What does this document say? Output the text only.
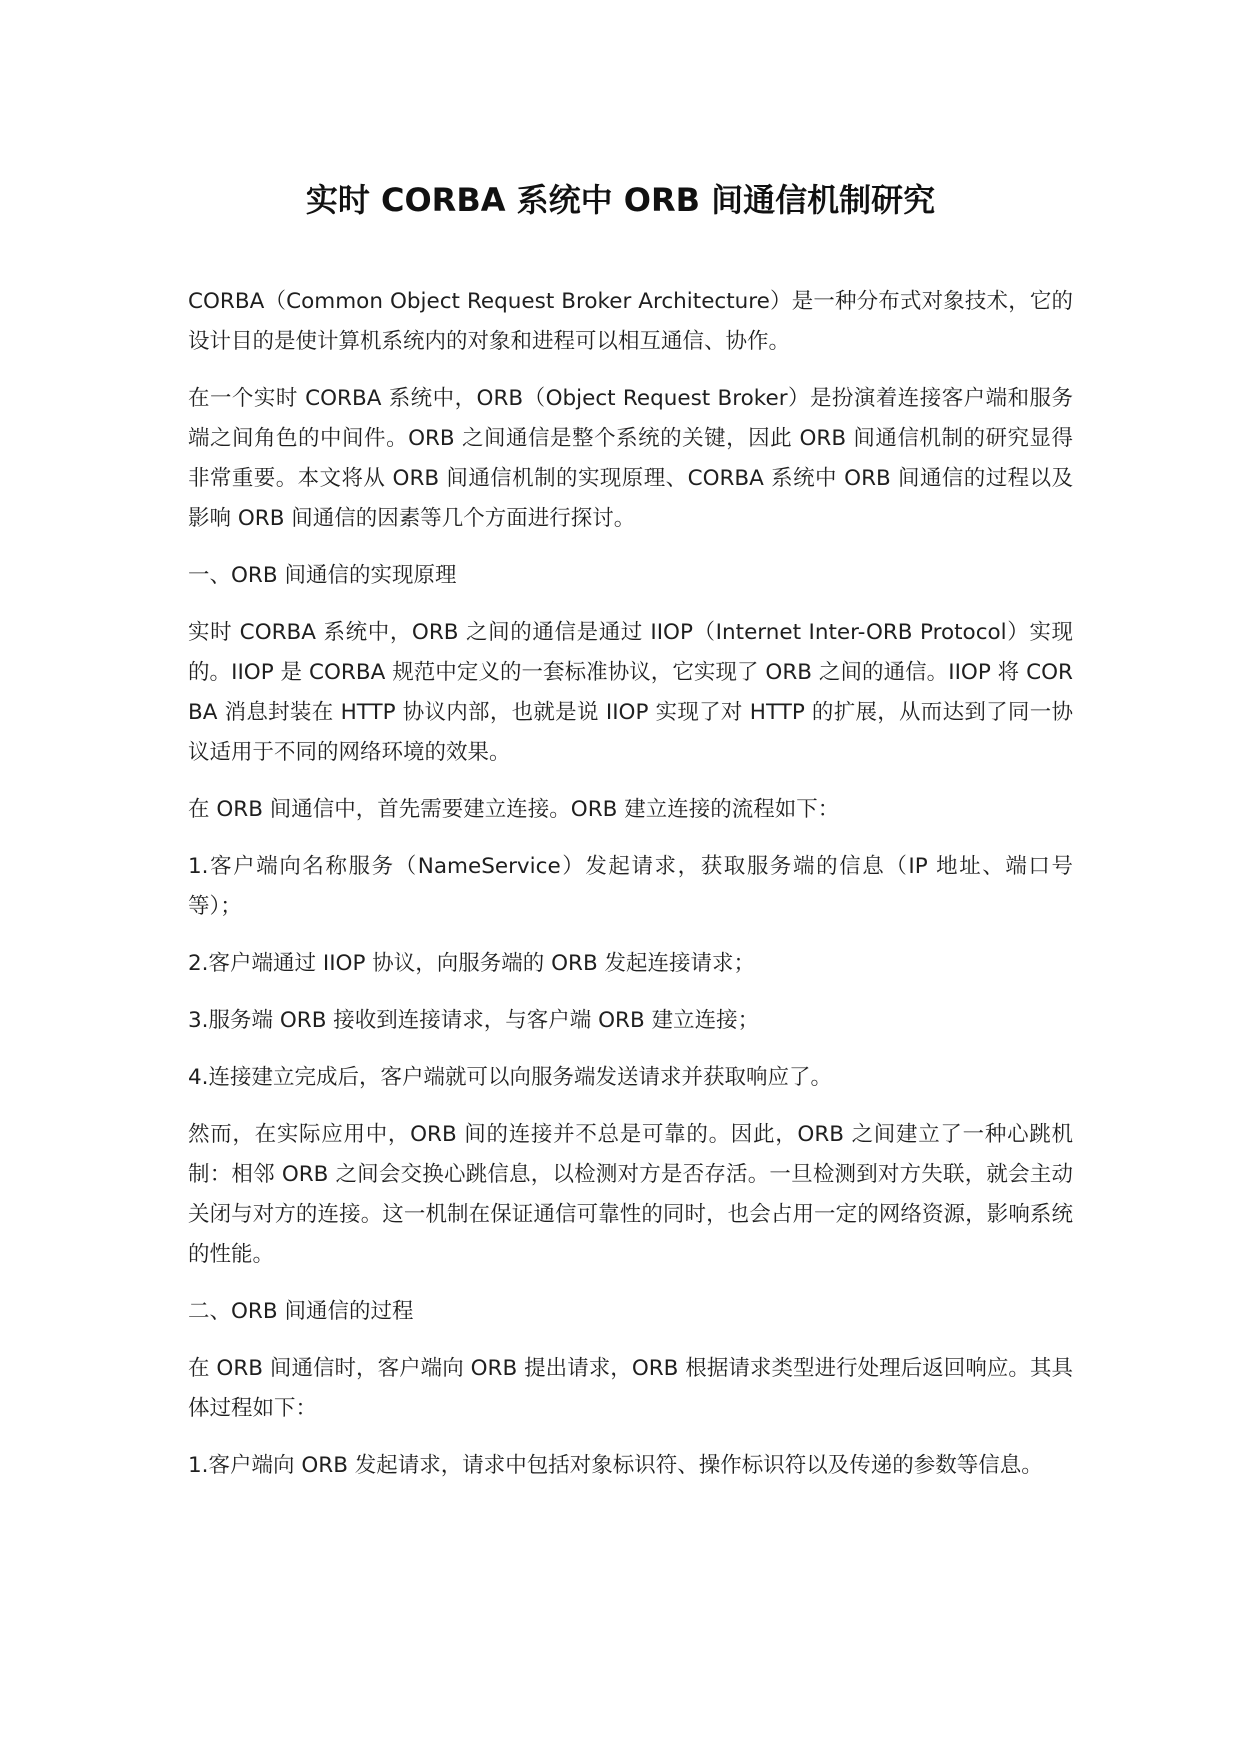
实时 CORBA 系统中 ORB 间通信机制研究

CORBA（Common Object Request Broker Architecture）是一种分布式对象技术，它的设计目的是使计算机系统内的对象和进程可以相互通信、协作。

在一个实时 CORBA 系统中，ORB（Object Request Broker）是扮演着连接客户端和服务端之间角色的中间件。ORB 之间通信是整个系统的关键，因此 ORB 间通信机制的研究显得非常重要。本文将从 ORB 间通信机制的实现原理、CORBA 系统中 ORB 间通信的过程以及影响 ORB 间通信的因素等几个方面进行探讨。

一、ORB 间通信的实现原理

实时 CORBA 系统中，ORB 之间的通信是通过 IIOP（Internet Inter-ORB Protocol）实现的。IIOP 是 CORBA 规范中定义的一套标准协议，它实现了 ORB 之间的通信。IIOP 将 CORBA 消息封装在 HTTP 协议内部，也就是说 IIOP 实现了对 HTTP 的扩展，从而达到了同一协议适用于不同的网络环境的效果。

在 ORB 间通信中，首先需要建立连接。ORB 建立连接的流程如下：

1.客户端向名称服务（NameService）发起请求，获取服务端的信息（IP 地址、端口号等）；

2.客户端通过 IIOP 协议，向服务端的 ORB 发起连接请求；

3.服务端 ORB 接收到连接请求，与客户端 ORB 建立连接；

4.连接建立完成后，客户端就可以向服务端发送请求并获取响应了。

然而，在实际应用中，ORB 间的连接并不总是可靠的。因此，ORB 之间建立了一种心跳机制：相邻 ORB 之间会交换心跳信息，以检测对方是否存活。一旦检测到对方失联，就会主动关闭与对方的连接。这一机制在保证通信可靠性的同时，也会占用一定的网络资源，影响系统的性能。

二、ORB 间通信的过程

在 ORB 间通信时，客户端向 ORB 提出请求，ORB 根据请求类型进行处理后返回响应。其具体过程如下：

1.客户端向 ORB 发起请求，请求中包括对象标识符、操作标识符以及传递的参数等信息。
